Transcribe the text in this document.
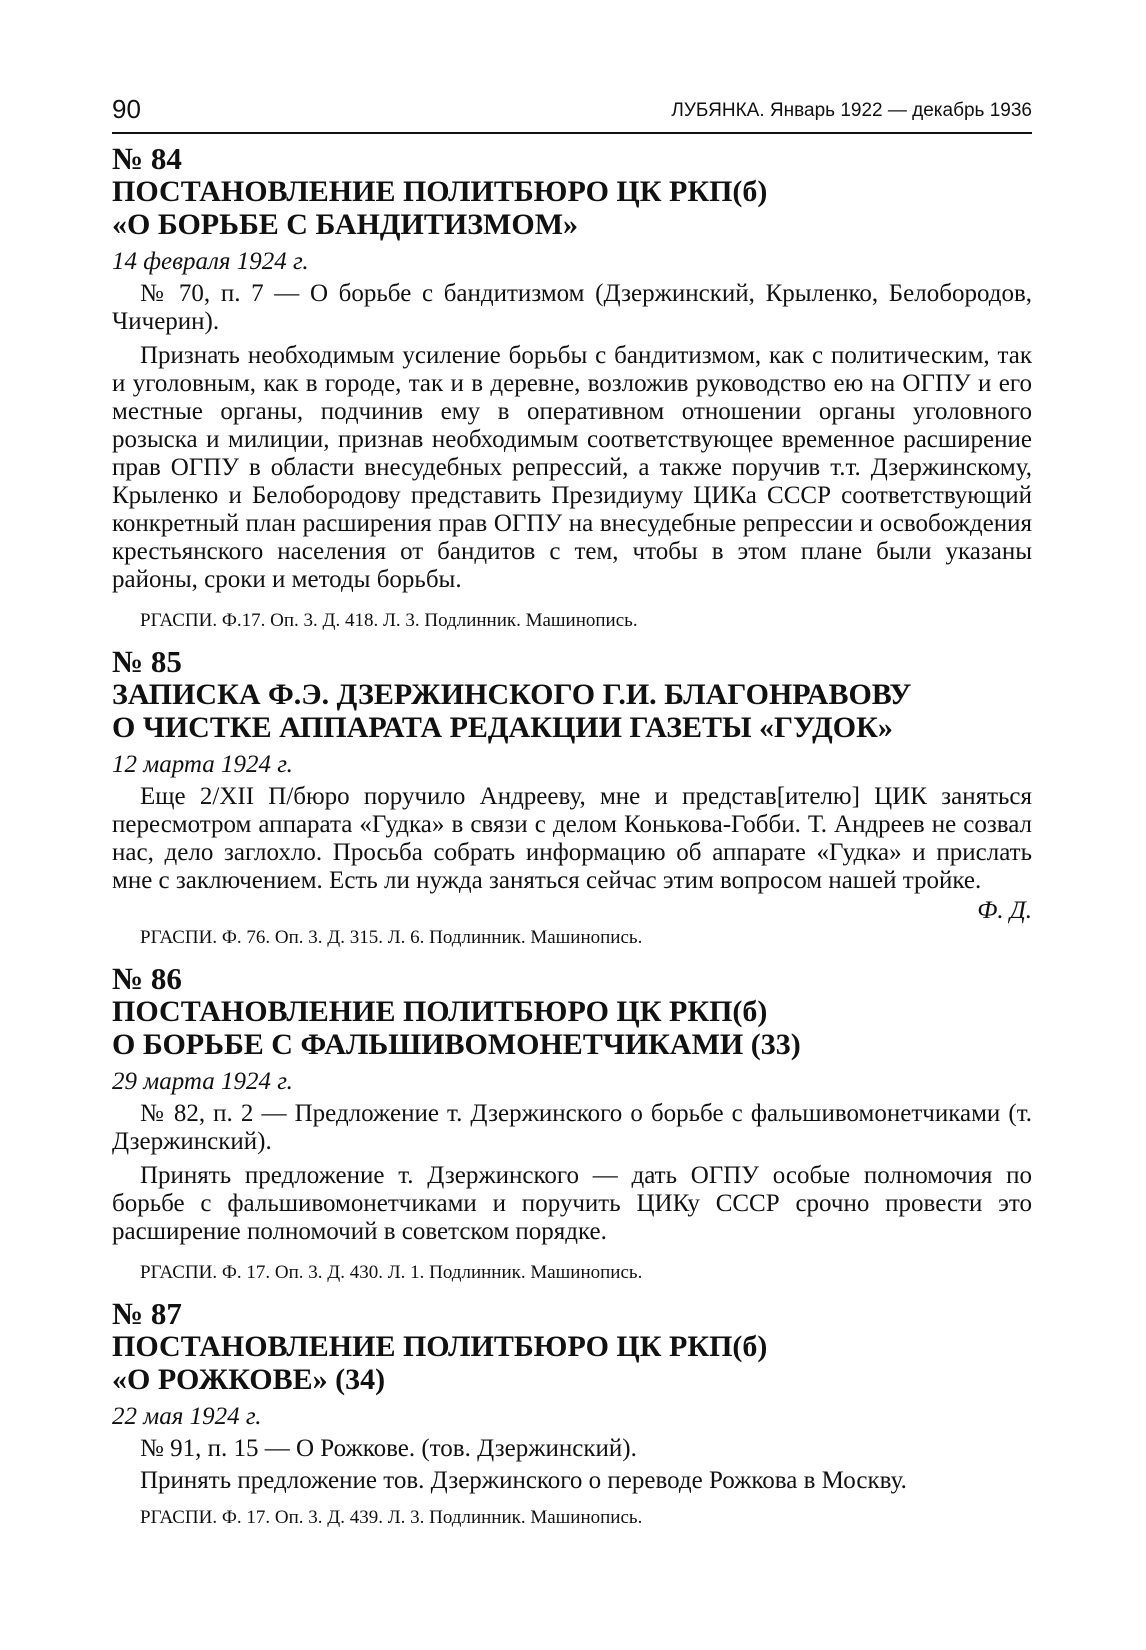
90	ЛУБЯНКА. Январь 1922 — декабрь 1936
№ 84
ПОСТАНОВЛЕНИЕ ПОЛИТБЮРО ЦК РКП(б)
«О БОРЬБЕ С БАНДИТИЗМОМ»
14 февраля 1924 г.

№ 70, п. 7 — О борьбе с бандитизмом (Дзержинский, Крыленко, Белобородов, Чичерин).

Признать необходимым усиление борьбы с бандитизмом, как с политическим, так и уголовным, как в городе, так и в деревне, возложив руководство ею на ОГПУ и его местные органы, подчинив ему в оперативном отношении органы уголовного розыска и милиции, признав необходимым соответствующее временное расширение прав ОГПУ в области внесудебных репрессий, а также поручив т.т. Дзержинскому, Крыленко и Белобородову представить Президиуму ЦИКа СССР соответствующий конкретный план расширения прав ОГПУ на внесудебные репрессии и освобождения крестьянского населения от бандитов с тем, чтобы в этом плане были указаны районы, сроки и методы борьбы.

РГАСПИ. Ф.17. Оп. 3. Д. 418. Л. 3. Подлинник. Машинопись.
№ 85
ЗАПИСКА Ф.Э. ДЗЕРЖИНСКОГО Г.И. БЛАГОНРАВОВУ
О ЧИСТКЕ АППАРАТА РЕДАКЦИИ ГАЗЕТЫ «ГУДОК»
12 марта 1924 г.

Еще 2/XII П/бюро поручило Андрееву, мне и представ[ителю] ЦИК заняться пересмотром аппарата «Гудка» в связи с делом Конькова-Гобби. Т. Андреев не созвал нас, дело заглохло. Просьба собрать информацию об аппарате «Гудка» и прислать мне с заключением. Есть ли нужда заняться сейчас этим вопросом нашей тройке.

Ф. Д.
РГАСПИ. Ф. 76. Оп. 3. Д. 315. Л. 6. Подлинник. Машинопись.
№ 86
ПОСТАНОВЛЕНИЕ ПОЛИТБЮРО ЦК РКП(б)
О БОРЬБЕ С ФАЛЬШИВОМОНЕТЧИКАМИ (33)
29 марта 1924 г.

№ 82, п. 2 — Предложение т. Дзержинского о борьбе с фальшивомонетчиками (т. Дзержинский).

Принять предложение т. Дзержинского — дать ОГПУ особые полномочия по борьбе с фальшивомонетчиками и поручить ЦИКу СССР срочно провести это расширение полномочий в советском порядке.

РГАСПИ. Ф. 17. Оп. 3. Д. 430. Л. 1. Подлинник. Машинопись.
№ 87
ПОСТАНОВЛЕНИЕ ПОЛИТБЮРО ЦК РКП(б)
«О РОЖКОВЕ» (34)
22 мая 1924 г.

№ 91, п. 15 — О Рожкове. (тов. Дзержинский).

Принять предложение тов. Дзержинского о переводе Рожкова в Москву.

РГАСПИ. Ф. 17. Оп. 3. Д. 439. Л. 3. Подлинник. Машинопись.
